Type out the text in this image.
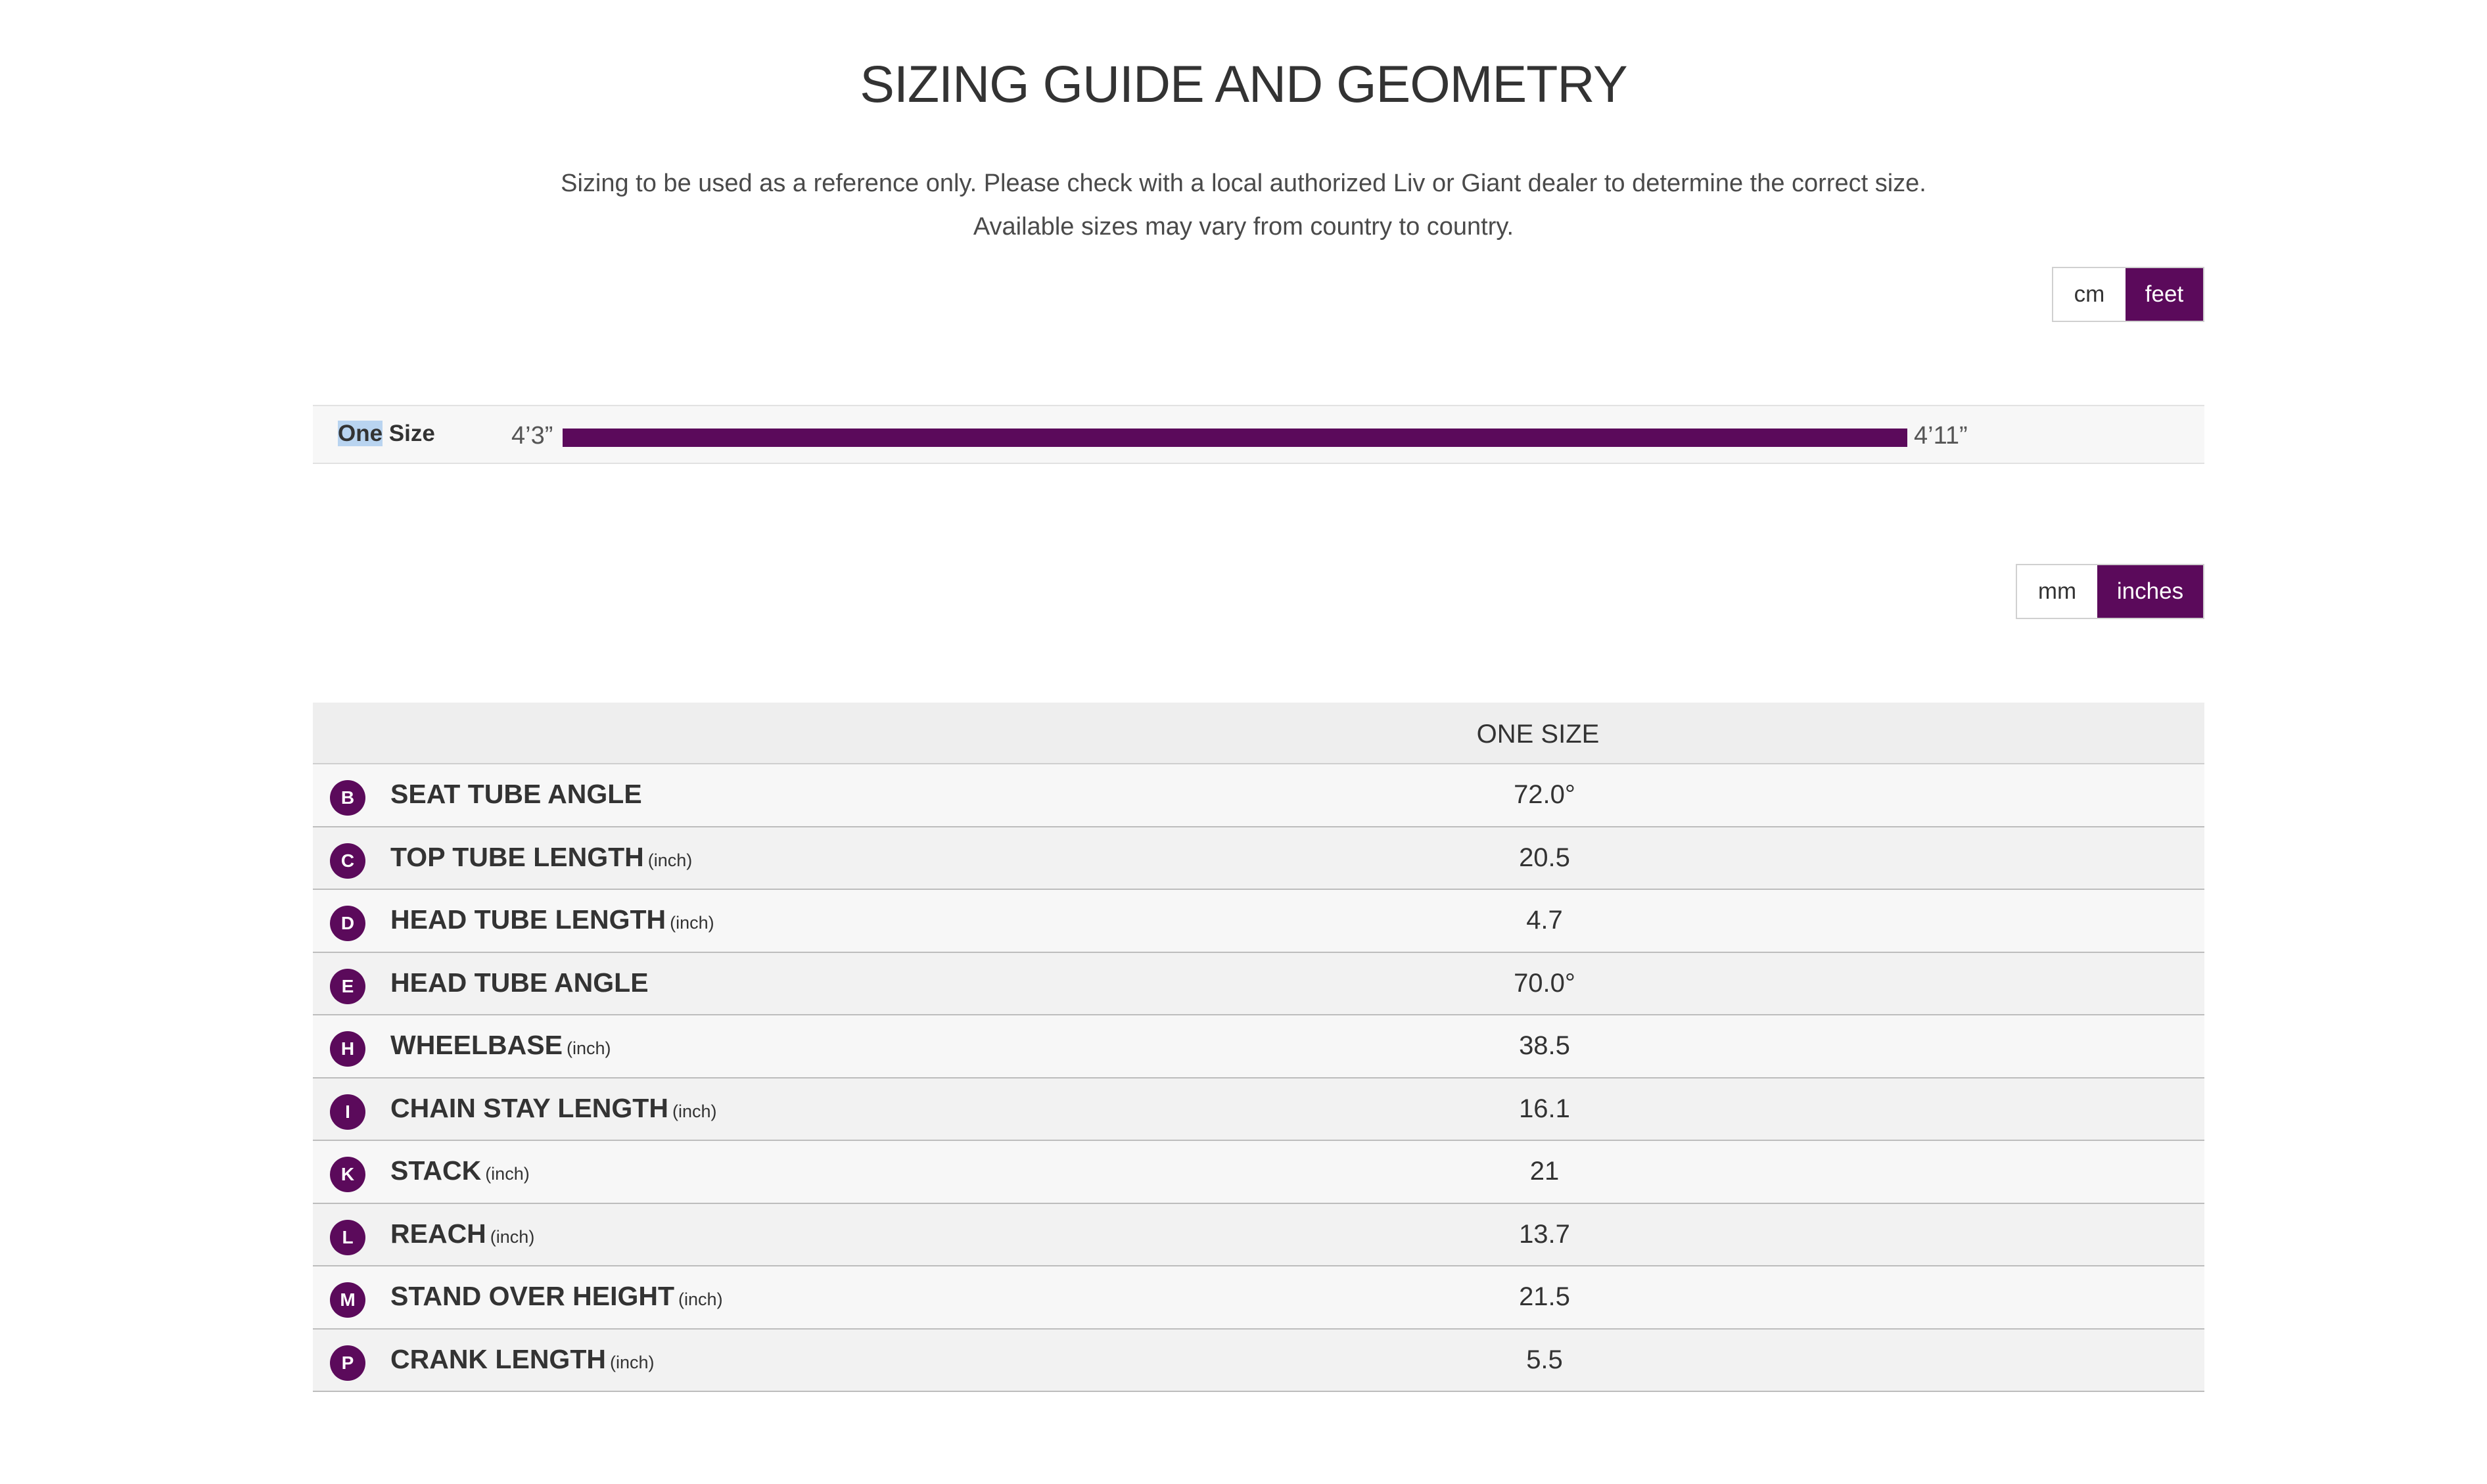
SIZING GUIDE AND GEOMETRY
Sizing to be used as a reference only. Please check with a local authorized Liv or Giant dealer to determine the correct size.
Available sizes may vary from country to country.
cm	feet
One Size	4’3”	4’11”
mm	inches
ONE SIZE
B	SEAT TUBE ANGLE	72.0°
C	TOP TUBE LENGTH (inch)	20.5
D	HEAD TUBE LENGTH (inch)	4.7
E	HEAD TUBE ANGLE	70.0°
H	WHEELBASE (inch)	38.5
I	CHAIN STAY LENGTH (inch)	16.1
K	STACK (inch)	21
L	REACH (inch)	13.7
M	STAND OVER HEIGHT (inch)	21.5
P	CRANK LENGTH (inch)	5.5
